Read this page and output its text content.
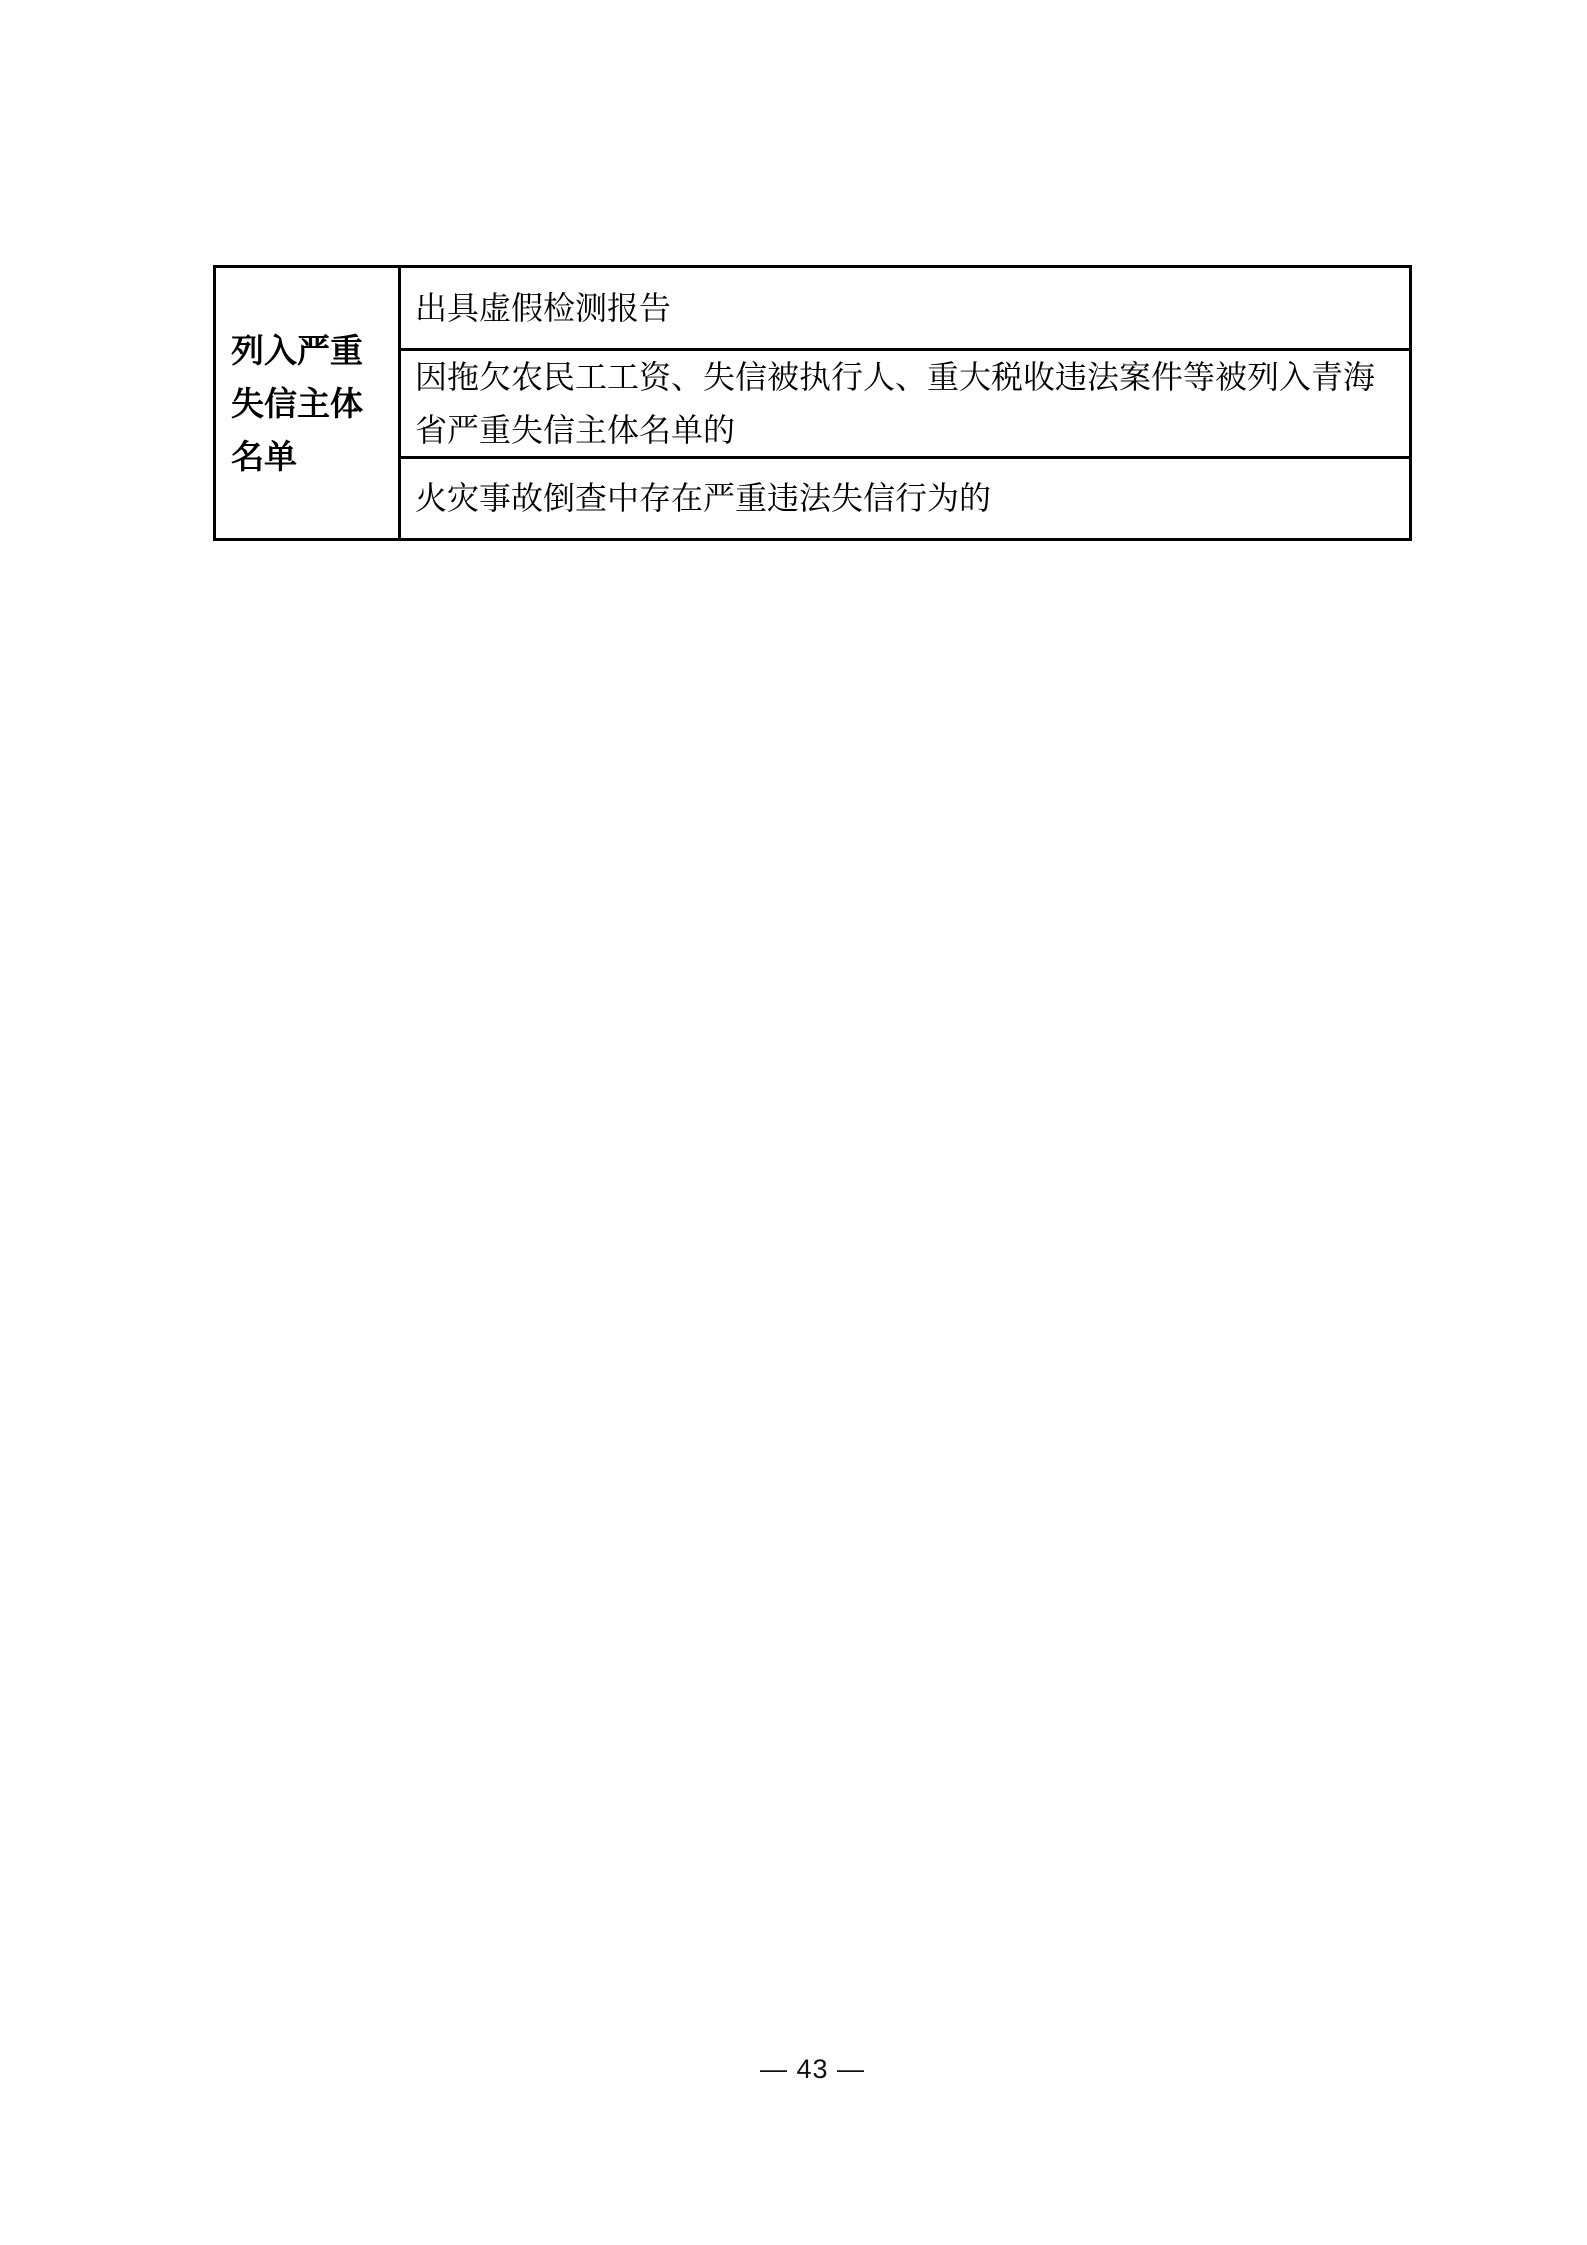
列入严重失信主体名单
出具虚假检测报告
因拖欠农民工工资、失信被执行人、重大税收违法案件等被列入青海省严重失信主体名单的
火灾事故倒查中存在严重违法失信行为的
— 43 —
